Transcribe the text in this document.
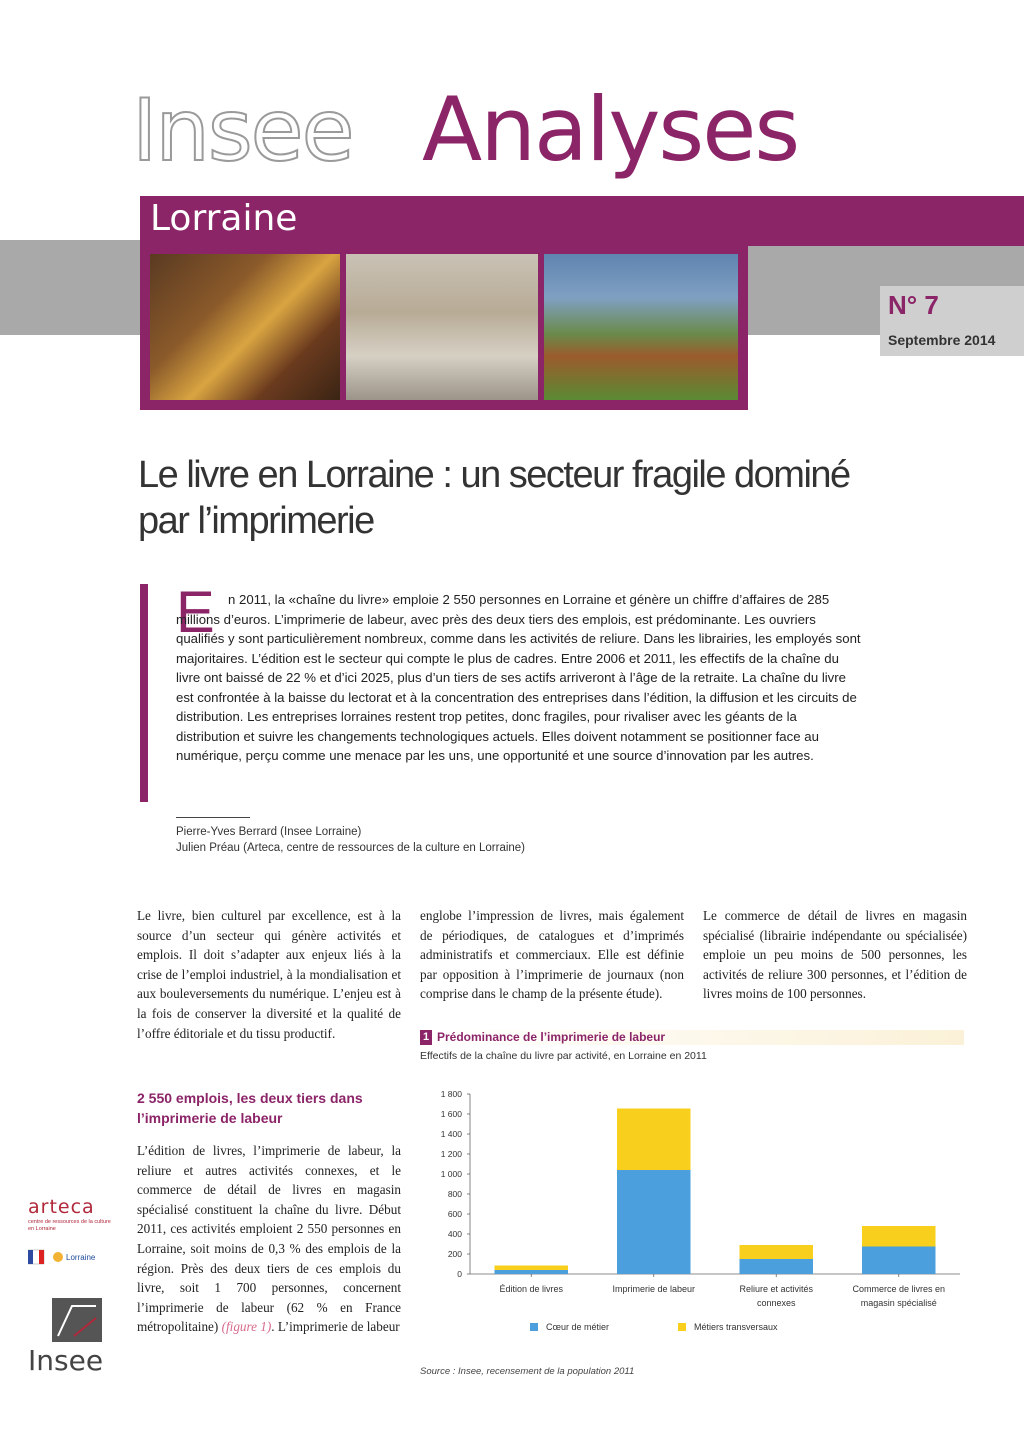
Insee Analyses
Lorraine
N° 7
Septembre 2014
Le livre en Lorraine : un secteur fragile dominé par l’imprimerie
E	n 2011, la «chaîne du livre» emploie 2 550 personnes en Lorraine et génère un chiffre d’affaires de 285 millions d’euros. L’imprimerie de labeur, avec près des deux tiers des emplois, est prédominante. Les ouvriers qualifiés y sont particulièrement nombreux, comme dans les activités de reliure. Dans les librairies, les employés sont majoritaires. L’édition est le secteur qui compte le plus de cadres. Entre 2006 et 2011, les effectifs de la chaîne du livre ont baissé de 22 % et d’ici 2025, plus d’un tiers de ses actifs arriveront à l’âge de la retraite. La chaîne du livre est confrontée à la baisse du lectorat et à la concentration des entreprises dans l’édition, la diffusion et les circuits de distribution. Les entreprises lorraines restent trop petites, donc fragiles, pour rivaliser avec les géants de la distribution et suivre les changements technologiques actuels. Elles doivent notamment se positionner face au numérique, perçu comme une menace par les uns, une opportunité et une source d’innovation par les autres.
Pierre-Yves Berrard (Insee Lorraine)
Julien Préau (Arteca, centre de ressources de la culture en Lorraine)
Le livre, bien culturel par excellence, est à la source d’un secteur qui génère activités et emplois. Il doit s’adapter aux enjeux liés à la crise de l’emploi industriel, à la mondialisation et aux bouleversements du numérique. L’enjeu est à la fois de conserver la diversité et la qualité de l’offre éditoriale et du tissu productif.
2 550 emplois, les deux tiers dans l’imprimerie de labeur
L’édition de livres, l’imprimerie de labeur, la reliure et autres activités connexes, et le commerce de détail de livres en magasin spécialisé constituent la chaîne du livre. Début 2011, ces activités emploient 2 550 personnes en Lorraine, soit moins de 0,3 % des emplois de la région. Près des deux tiers de ces emplois du livre, soit 1 700 personnes, concernent l’imprimerie de labeur (62 % en France métropolitaine) (figure 1). L’imprimerie de labeur
englobe l’impression de livres, mais également de périodiques, de catalogues et d’imprimés administratifs et commerciaux. Elle est définie par opposition à l’imprimerie de journaux (non comprise dans le champ de la présente étude).
Le commerce de détail de livres en magasin spécialisé (librairie indépendante ou spécialisée) emploie un peu moins de 500 personnes, les activités de reliure 300 personnes, et l’édition de livres moins de 100 personnes.
1 Prédominance de l’imprimerie de labeur
Effectifs de la chaîne du livre par activité, en Lorraine en 2011
0
200
400
600
800
1 000
1 200
1 400
1 600
1 800
Édition de livres	Imprimerie de labeur	Reliure et activités connexes
Commerce de livres en magasin spécialisé
Cœur de métier	Métiers transversaux
Source : Insee, recensement de la population 2011
arteca
centre de ressources de la culture en Lorraine
Lorraine
Insee
